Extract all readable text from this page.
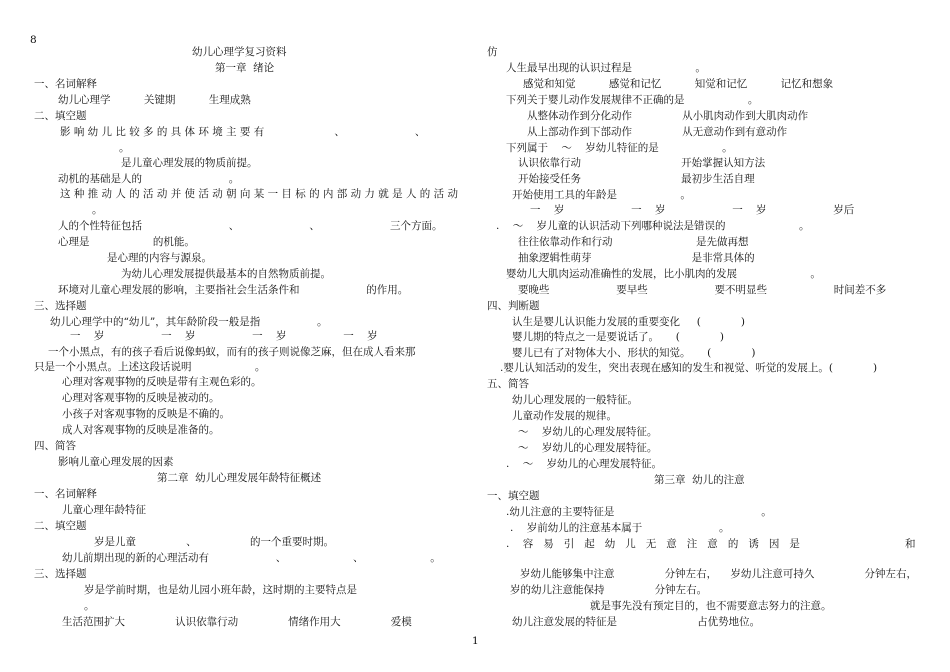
8
1
幼儿心理学复习资料
第一章  绪论
一、名词解释
幼儿心理学          关键期          生理成熟
二、填空题
影 响 幼 儿 比 较 多 的 具 体 环 境 主 要 有                     、                     、
。
是儿童心理发展的物质前提。
动机的基础是人的                          。
这 种 推 动 人 的 活 动 并 使 活 动 朝 向 某 一 目 标 的 内 部 动 力 就 是 人 的 活 动
。
人的个性特征包括                          、                     、                     三个方面。
心理是                   的机能。
是心理的内容与源泉。
为幼儿心理发展提供最基本的自然物质前提。
环境对儿童心理发展的影响，主要指社会生活条件和                    的作用。
三、选择题
幼儿心理学中的“幼儿”，其年龄阶段一般是指                 。
一    岁                 一    岁                 一    岁                 一    岁
一个小黑点，有的孩子看后说像蚂蚁，而有的孩子则说像芝麻，但在成人看来那
只是一个小黑点。上述这段话说明                   。
心理对客观事物的反映是带有主观色彩的。
心理对客观事物的反映是被动的。
小孩子对客观事物的反映是不确的。
成人对客观事物的反映是准备的。
四、简答
影响儿童心理发展的因素
第二章  幼儿心理发展年龄特征概述
一、名词解释
儿童心理年龄特征
二、填空题
岁是儿童               、                的一个重要时期。
幼儿前期出现的新的心理活动有                    、                    、                    。
三、选择题
岁是学前时期，也是幼儿园小班年龄，这时期的主要特点是
。
生活范围扩大               认识依靠行动               情绪作用大               爱模
仿
人生最早出现的认识过程是                   。
感觉和知觉          感觉和记忆          知觉和记忆          记忆和想象
下列关于婴儿动作发展规律不正确的是                   。
从整体动作到分化动作               从小肌肉动作到大肌肉动作
从上部动作到下部动作               从无意动作到有意动作
下列属于    ～    岁幼儿特征的是                   。
认识依靠行动                              开始掌握认知方法
开始接受任务                              最初步生活自理
开始使用工具的年龄是                   。
一    岁                    一    岁                    一    岁                    岁后
.    ～    岁儿童的认识活动下列哪种说法是错误的                      。
往往依靠动作和行动                         是先做再想
抽象逻辑性萌芽                              是非常具体的
婴幼儿大肌肉运动准确性的发展，比小肌肉的发展                      。
要晚些                    要早些                    要不明显些                    时间差不多
四、判断题
认生是婴儿认识能力发展的重要变化     (            )
婴儿期的特点之一是要说话了。     (            )
婴儿已有了对物体大小、形状的知觉。     (            )
.婴儿认知活动的发生，突出表现在感知的发生和视觉、听觉的发展上。(            )
五、简答
幼儿心理发展的一般特征。
儿童动作发展的规律。
～    岁幼儿的心理发展特征。
～    岁幼儿的心理发展特征。
.    ～    岁幼儿的心理发展特征。
第三章  幼儿的注意
一、填空题
.幼儿注意的主要特征是                                            。
.    岁前幼儿的注意基本属于                       。
.    容   易   引   起   幼   儿   无   意   注   意   的   诱   因   是	和
岁幼儿能够集中注意               分钟左右，    岁幼儿注意可持久               分钟左右，
岁的幼儿注意能保持               分钟左右。
就是事先没有预定目的，也不需要意志努力的注意。
幼儿注意发展的特征是                        占优势地位。
